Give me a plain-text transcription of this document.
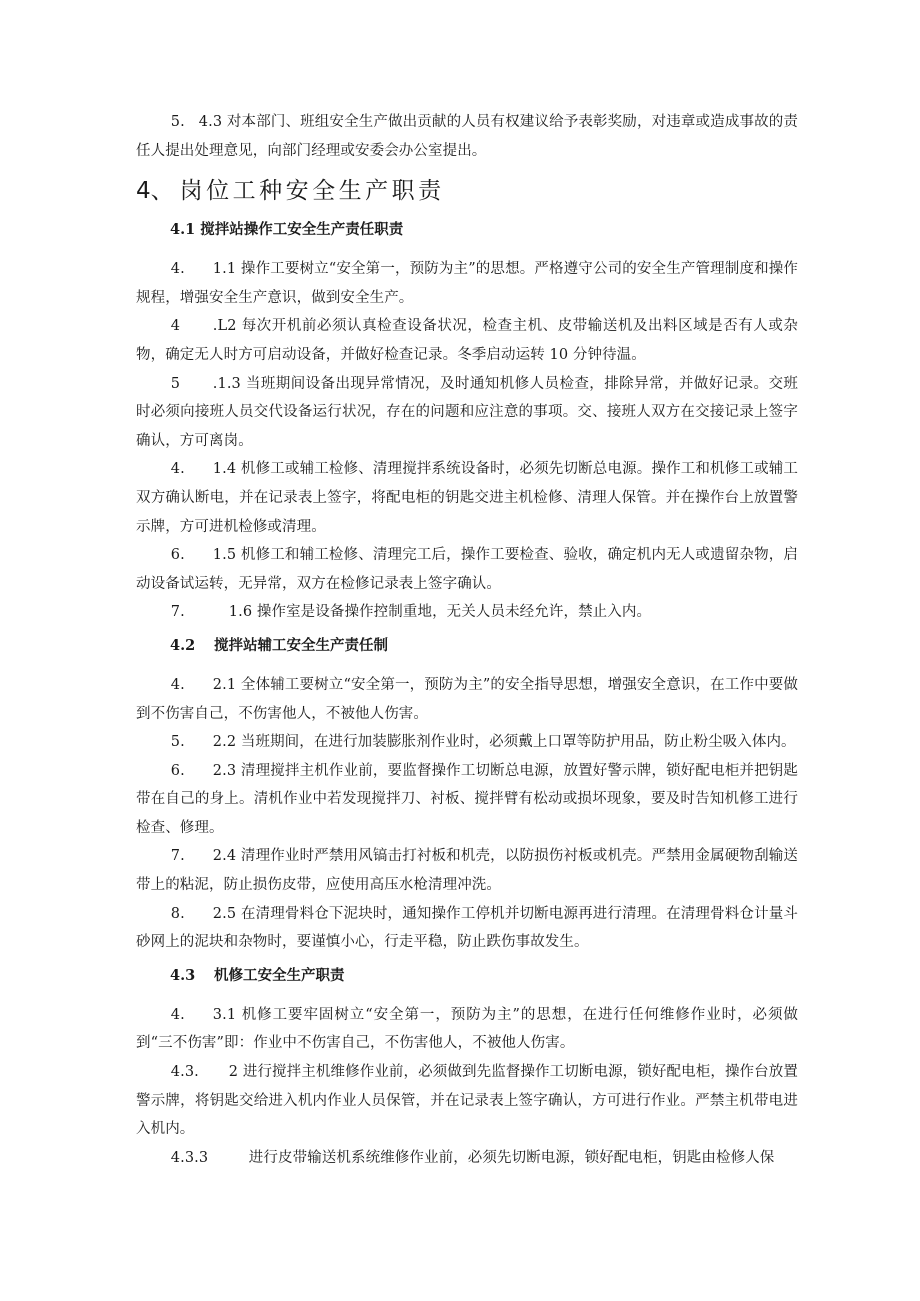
5. 4.3 对本部门、班组安全生产做出贡献的人员有权建议给予表彰奖励，对违章或造成事故的责任人提出处理意见，向部门经理或安委会办公室提出。

4、 岗位工种安全生产职责
4.1 搅拌站操作工安全生产责任职责

4. 1.1 操作工要树立“安全第一，预防为主”的思想。严格遵守公司的安全生产管理制度和操作规程，增强安全生产意识，做到安全生产。

4 .L2 每次开机前必须认真检查设备状况，检查主机、皮带输送机及出料区域是否有人或杂物，确定无人时方可启动设备，并做好检查记录。冬季启动运转 10 分钟待温。

5 .1.3 当班期间设备出现异常情况，及时通知机修人员检查，排除异常，并做好记录。交班时必须向接班人员交代设备运行状况，存在的问题和应注意的事项。交、接班人双方在交接记录上签字确认，方可离岗。

4. 1.4 机修工或辅工检修、清理搅拌系统设备时，必须先切断总电源。操作工和机修工或辅工双方确认断电，并在记录表上签字，将配电柜的钥匙交进主机检修、清理人保管。并在操作台上放置警示牌，方可进机检修或清理。

6. 1.5 机修工和辅工检修、清理完工后，操作工要检查、验收，确定机内无人或遗留杂物，启动设备试运转，无异常，双方在检修记录表上签字确认。

7.	1.6 操作室是设备操作控制重地，无关人员未经允许，禁止入内。

4.2 搅拌站辅工安全生产责任制

4. 2.1 全体辅工要树立“安全第一，预防为主”的安全指导思想，增强安全意识，在工作中要做到不伤害自己，不伤害他人，不被他人伤害。

5. 2.2 当班期间，在进行加装膨胀剂作业时，必须戴上口罩等防护用品，防止粉尘吸入体内。

6. 2.3 清理搅拌主机作业前，要监督操作工切断总电源，放置好警示牌，锁好配电柜并把钥匙带在自己的身上。清机作业中若发现搅拌刀、衬板、搅拌臂有松动或损坏现象，要及时告知机修工进行检查、修理。

7. 2.4 清理作业时严禁用风镐击打衬板和机壳，以防损伤衬板或机壳。严禁用金属硬物刮输送带上的粘泥，防止损伤皮带，应使用高压水枪清理冲洗。

8. 2.5 在清理骨料仓下泥块时，通知操作工停机并切断电源再进行清理。在清理骨料仓计量斗砂网上的泥块和杂物时，要谨慎小心，行走平稳，防止跌伤事故发生。

4.3 机修工安全生产职责

4. 3.1 机修工要牢固树立“安全第一，预防为主”的思想，在进行任何维修作业时，必须做到“三不伤害”即：作业中不伤害自己，不伤害他人，不被他人伤害。

4.3. 2 进行搅拌主机维修作业前，必须做到先监督操作工切断电源，锁好配电柜，操作台放置警示牌，将钥匙交给进入机内作业人员保管，并在记录表上签字确认，方可进行作业。严禁主机带电进入机内。

4.3.3	进行皮带输送机系统维修作业前，必须先切断电源，锁好配电柜，钥匙由检修人保
